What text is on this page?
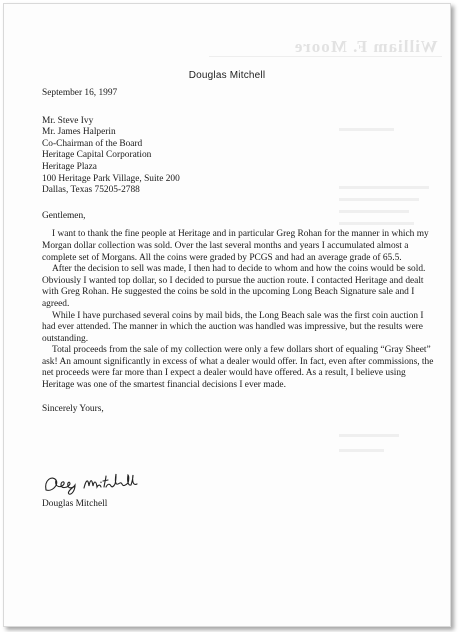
William F. Moore
Douglas Mitchell
September 16, 1997
Mr. Steve Ivy
Mr. James Halperin
Co-Chairman of the Board
Heritage Capital Corporation
Heritage Plaza
100 Heritage Park Village, Suite 200
Dallas, Texas 75205-2788
Gentlemen,

I want to thank the fine people at Heritage and in particular Greg Rohan for the manner in which my Morgan dollar collection was sold. Over the last several months and years I accumulated almost a complete set of Morgans. All the coins were graded by PCGS and had an average grade of 65.5.

After the decision to sell was made, I then had to decide to whom and how the coins would be sold. Obviously I wanted top dollar, so I decided to pursue the auction route. I contacted Heritage and dealt with Greg Rohan. He suggested the coins be sold in the upcoming Long Beach Signature sale and I agreed.

While I have purchased several coins by mail bids, the Long Beach sale was the first coin auction I had ever attended. The manner in which the auction was handled was impressive, but the results were outstanding.

Total proceeds from the sale of my collection were only a few dollars short of equaling “Gray Sheet” ask! An amount significantly in excess of what a dealer would offer. In fact, even after commissions, the net proceeds were far more than I expect a dealer would have offered. As a result, I believe using Heritage was one of the smartest financial decisions I ever made.

Sincerely Yours,
Douglas Mitchell
